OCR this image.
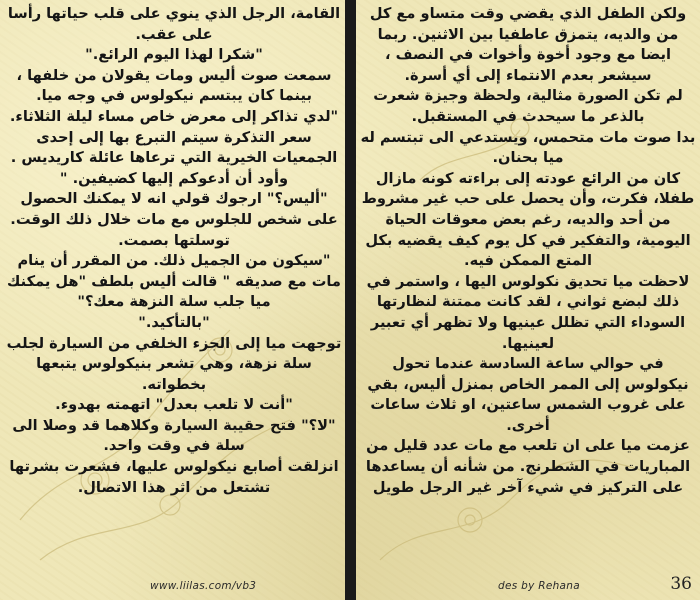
القامة، الرجل الذي ينوي على قلب حياتها رأسا على عقب.

"شكرا لهذا اليوم الرائع."

سمعت صوت أليس ومات يقولان من خلفها ، بينما كان يبتسم نيكولوس في وجه ميا.

"لدي تذاكر إلى معرض خاص مساء ليلة الثلاثاء. سعر التذكرة سيتم التبرع بها إلى إحدى الجمعيات الخيرية التي ترعاها عائلة كاريديس . وأود أن أدعوكم إليها كضيفين. "

"أليس؟" ارجوك قولي انه لا يمكنك الحصول على شخص للجلوس مع مات خلال ذلك الوقت. توسلتها بصمت.

"سيكون من الجميل ذلك. من المقرر أن ينام مات مع صديقه " قالت أليس بلطف "هل يمكنك ميا جلب سلة النزهة معك؟"

"بالتأكيد."

توجهت ميا إلى الجزء الخلفي من السيارة لجلب سلة نزهة، وهي تشعر بنيكولوس يتبعها بخطواته.

"أنت لا تلعب بعدل" اتهمته بهدوء.

"لا؟" فتح حقيبة السيارة وكلاهما قد وصلا الى سلة في وقت واحد.

انزلقت أصابع نيكولوس عليها، فشعرت بشرتها تشتعل من اثر هذا الاتصال.

ولكن الطفل الذي يقضي وقت متساو مع كل من والديه، يتمزق عاطفيا بين الاثنين. ربما ايضا مع وجود أخوة وأخوات في النصف ، سيشعر بعدم الانتماء إلى أي أسرة.

لم تكن الصورة مثالية، ولحظة وجيزة شعرت بالذعر ما سيحدث في المستقبل.

بدا صوت مات متحمس، ويستدعي الى تبتسم له ميا بحنان.

كان من الرائع عودته إلى براءته كونه مازال طفلا، فكرت، وأن يحصل على حب غير مشروط من أحد والديه، رغم بعض معوقات الحياة اليومية، والتفكير في كل يوم كيف يقضيه بكل المتع الممكن فيه.

لاحظت ميا تحديق نكولوس اليها ، واستمر في ذلك لبضع ثواني ، لقد كانت ممتنة لنظارتها السوداء التي تظلل عينيها ولا تظهر أي تعبير لعينيها.

في حوالي ساعة السادسة عندما تحول نيكولوس إلى الممر الخاص بمنزل أليس، بقي على غروب الشمس ساعتين، او ثلاث ساعات أخرى.

عزمت ميا على ان تلعب مع مات عدد قليل من المباريات في الشطرنج. من شأنه أن يساعدها على التركيز في شيء آخر غير الرجل طويل

www.liilas.com/vb3	des by Rehana	36
